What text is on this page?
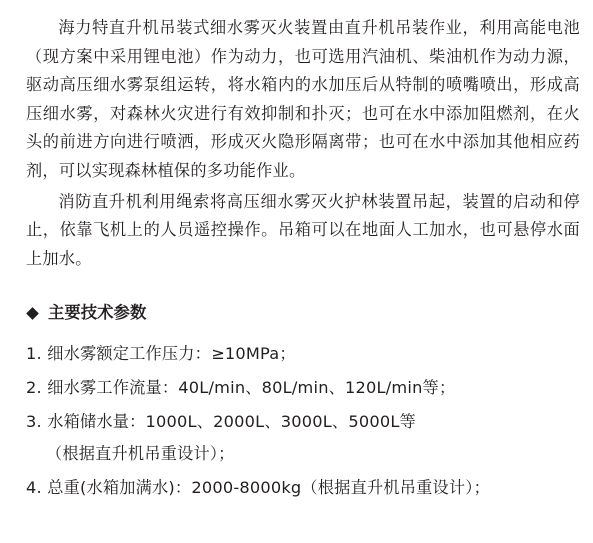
海力特直升机吊装式细水雾灭火装置由直升机吊装作业，利用高能电池（现方案中采用锂电池）作为动力，也可选用汽油机、柴油机作为动力源，驱动高压细水雾泵组运转，将水箱内的水加压后从特制的喷嘴喷出，形成高压细水雾，对森林火灾进行有效抑制和扑灭；也可在水中添加阻燃剂，在火头的前进方向进行喷洒，形成灭火隐形隔离带；也可在水中添加其他相应药剂，可以实现森林植保的多功能作业。

消防直升机利用绳索将高压细水雾灭火护林装置吊起，装置的启动和停止，依靠飞机上的人员遥控操作。吊箱可以在地面人工加水，也可悬停水面上加水。

主要技术参数
1. 细水雾额定工作压力：≥10MPa；
2. 细水雾工作流量：40L/min、80L/min、120L/min等；
3. 水箱储水量：1000L、2000L、3000L、5000L等
（根据直升机吊重设计）；
4. 总重(水箱加满水)：2000-8000kg（根据直升机吊重设计）；
